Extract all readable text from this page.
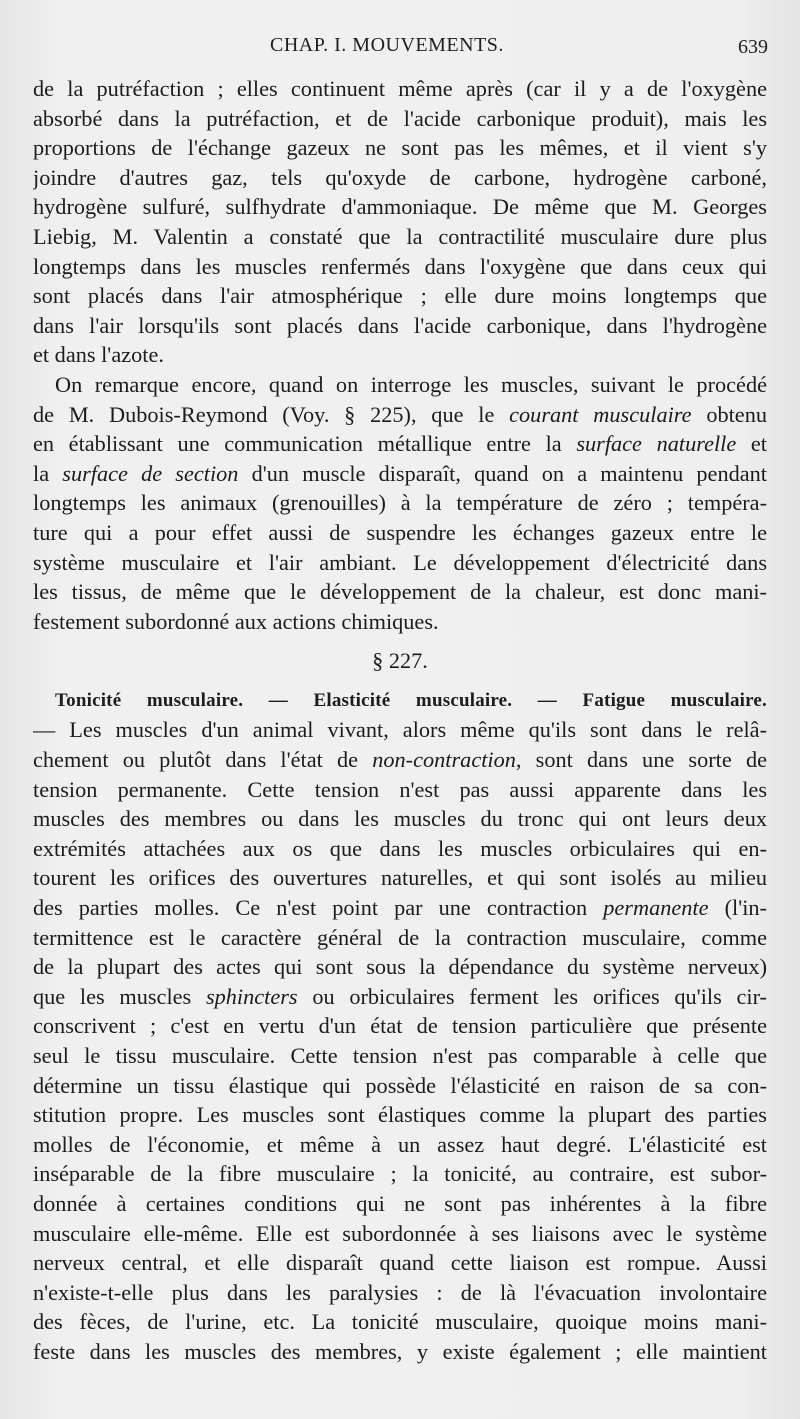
CHAP. I. MOUVEMENTS.	639
de la putréfaction ; elles continuent même après (car il y a de l'oxygène
absorbé dans la putréfaction, et de l'acide carbonique produit), mais les
proportions de l'échange gazeux ne sont pas les mêmes, et il vient s'y
joindre d'autres gaz, tels qu'oxyde de carbone, hydrogène carboné,
hydrogène sulfuré, sulfhydrate d'ammoniaque. De même que M. Georges
Liebig, M. Valentin a constaté que la contractilité musculaire dure plus
longtemps dans les muscles renfermés dans l'oxygène que dans ceux qui
sont placés dans l'air atmosphérique ; elle dure moins longtemps que
dans l'air lorsqu'ils sont placés dans l'acide carbonique, dans l'hydrogène
et dans l'azote.
On remarque encore, quand on interroge les muscles, suivant le procédé
de M. Dubois-Reymond (Voy. § 225), que le courant musculaire obtenu
en établissant une communication métallique entre la surface naturelle et
la surface de section d'un muscle disparaît, quand on a maintenu pendant
longtemps les animaux (grenouilles) à la température de zéro ; tempéra-
ture qui a pour effet aussi de suspendre les échanges gazeux entre le
système musculaire et l'air ambiant. Le développement d'électricité dans
les tissus, de même que le développement de la chaleur, est donc mani-
festement subordonné aux actions chimiques.
§ 227.
Tonicité musculaire. — Elasticité musculaire. — Fatigue musculaire.
— Les muscles d'un animal vivant, alors même qu'ils sont dans le relâ-
chement ou plutôt dans l'état de non-contraction, sont dans une sorte de
tension permanente. Cette tension n'est pas aussi apparente dans les
muscles des membres ou dans les muscles du tronc qui ont leurs deux
extrémités attachées aux os que dans les muscles orbiculaires qui en-
tourent les orifices des ouvertures naturelles, et qui sont isolés au milieu
des parties molles. Ce n'est point par une contraction permanente (l'in-
termittence est le caractère général de la contraction musculaire, comme
de la plupart des actes qui sont sous la dépendance du système nerveux)
que les muscles sphincters ou orbiculaires ferment les orifices qu'ils cir-
conscrivent ; c'est en vertu d'un état de tension particulière que présente
seul le tissu musculaire. Cette tension n'est pas comparable à celle que
détermine un tissu élastique qui possède l'élasticité en raison de sa con-
stitution propre. Les muscles sont élastiques comme la plupart des parties
molles de l'économie, et même à un assez haut degré. L'élasticité est
inséparable de la fibre musculaire ; la tonicité, au contraire, est subor-
donnée à certaines conditions qui ne sont pas inhérentes à la fibre
musculaire elle-même. Elle est subordonnée à ses liaisons avec le système
nerveux central, et elle disparaît quand cette liaison est rompue. Aussi
n'existe-t-elle plus dans les paralysies : de là l'évacuation involontaire
des fèces, de l'urine, etc. La tonicité musculaire, quoique moins mani-
feste dans les muscles des membres, y existe également ; elle maintient
